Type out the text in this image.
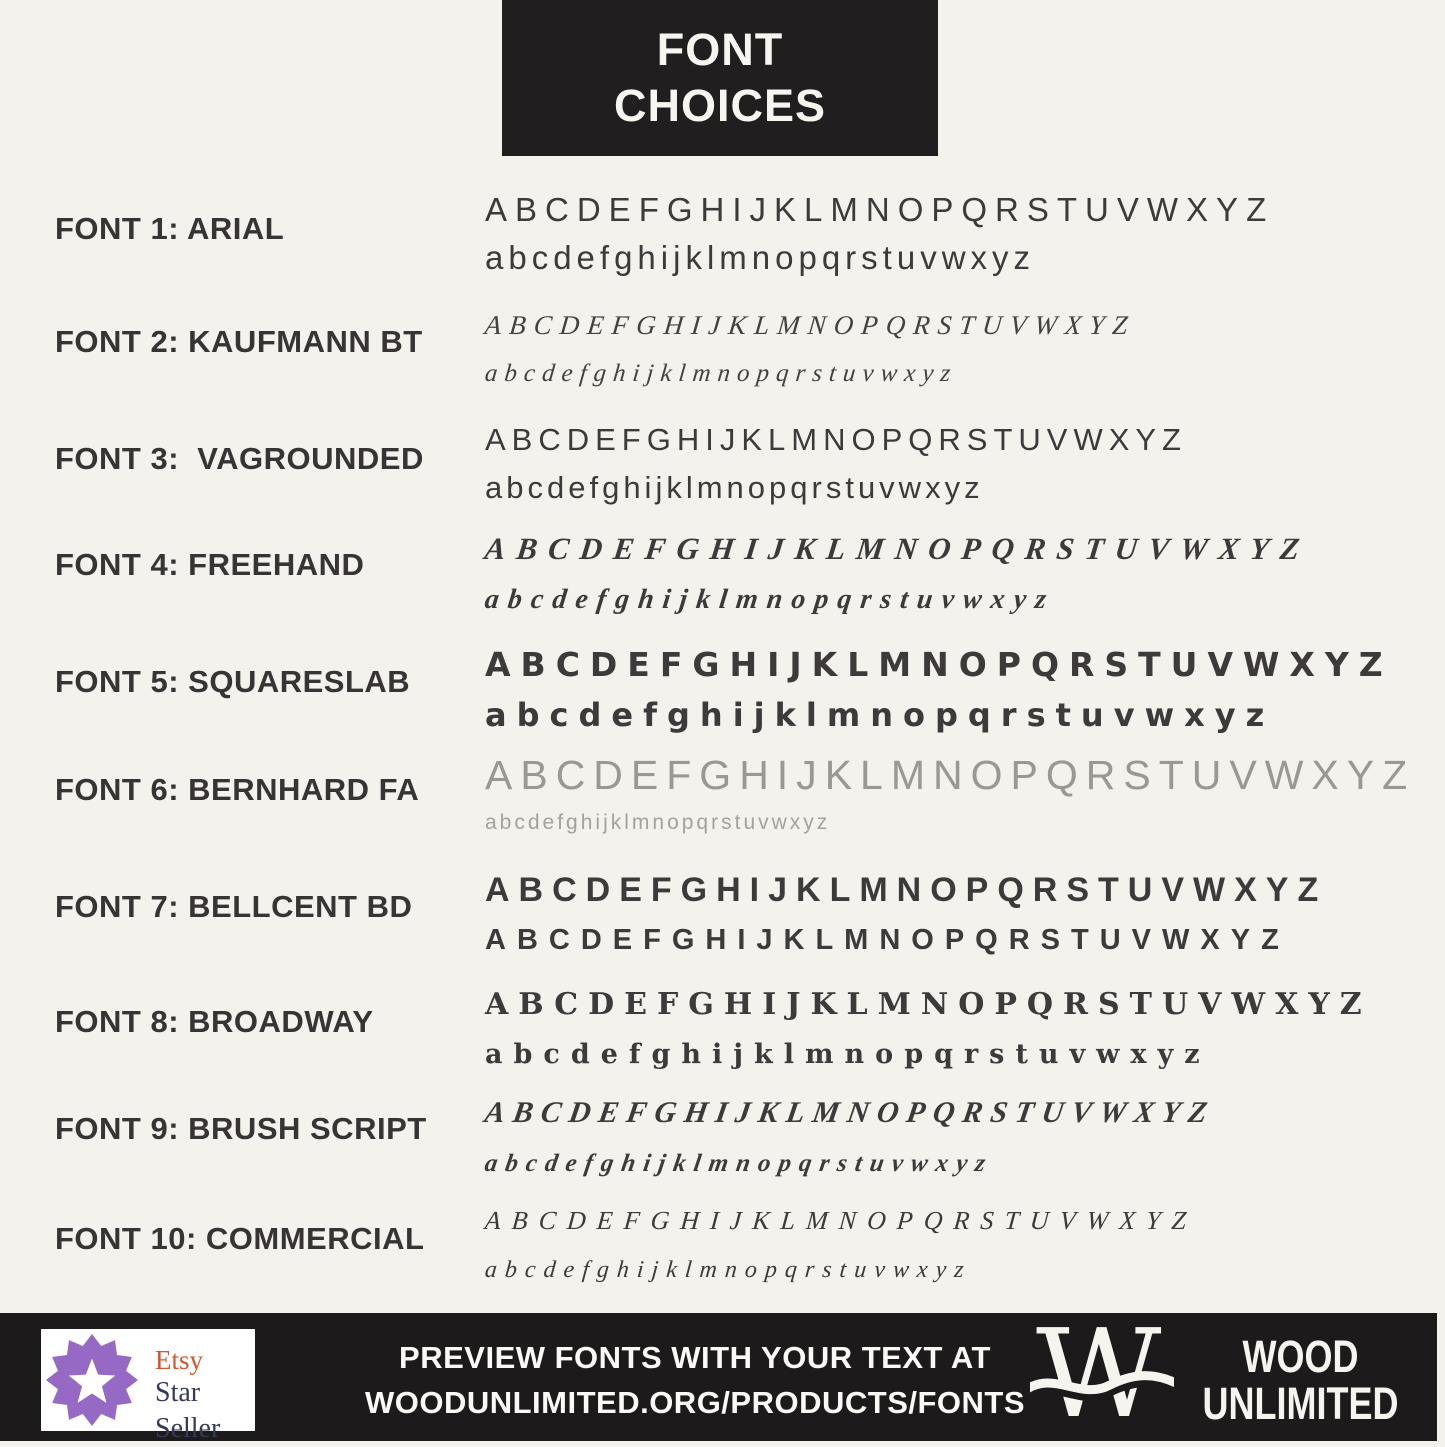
FONT
CHOICES
FONT 1: ARIAL
ABCDEFGHIJKLMNOPQRSTUVWXYZ
abcdefghijklmnopqrstuvwxyz
FONT 2: KAUFMANN BT ABCDEFGHIJKLMNOPQRSTUVWXYZ
abcdefghijklmnopqrstuvwxyz
FONT 3:  VAGROUNDED
ABCDEFGHIJKLMNOPQRSTUVWXYZ
abcdefghijklmnopqrstuvwxyz
FONT 4: FREEHAND	ABCDEFGHIJKLMNOPQRSTUVWXYZ
abcdefghijklmnopqrstuvwxyz
FONT 5: SQUARESLAB ABCDEFGHIJKLMNOPQRSTUVWXYZ
abcdefghijklmnopqrstuvwxyz
FONT 6: BERNHARD FA ABCDEFGHIJKLMNOPQRSTUVWXYZ
abcdefghijklmnopqrstuvwxyz
FONT 7: BELLCENT BD ABCDEFGHIJKLMNOPQRSTUVWXYZ
ABCDEFGHIJKLMNOPQRSTUVWXYZ
FONT 8: BROADWAY	ABCDEFGHIJKLMNOPQRSTUVWXYZ
abcdefghijklmnopqrstuvwxyz
FONT 9: BRUSH SCRIPT ABCDEFGHIJKLMNOPQRSTUVWXYZ
abcdefghijklmnopqrstuvwxyz
FONT 10: COMMERCIAL
ABCDEFGHIJKLMNOPQRSTUVWXYZ
abcdefghijklmnopqrstuvwxyz
Etsy
Star Seller
PREVIEW FONTS WITH YOUR TEXT AT
WOODUNLIMITED.ORG/PRODUCTS/FONTS W WOOD
UNLIMITED
